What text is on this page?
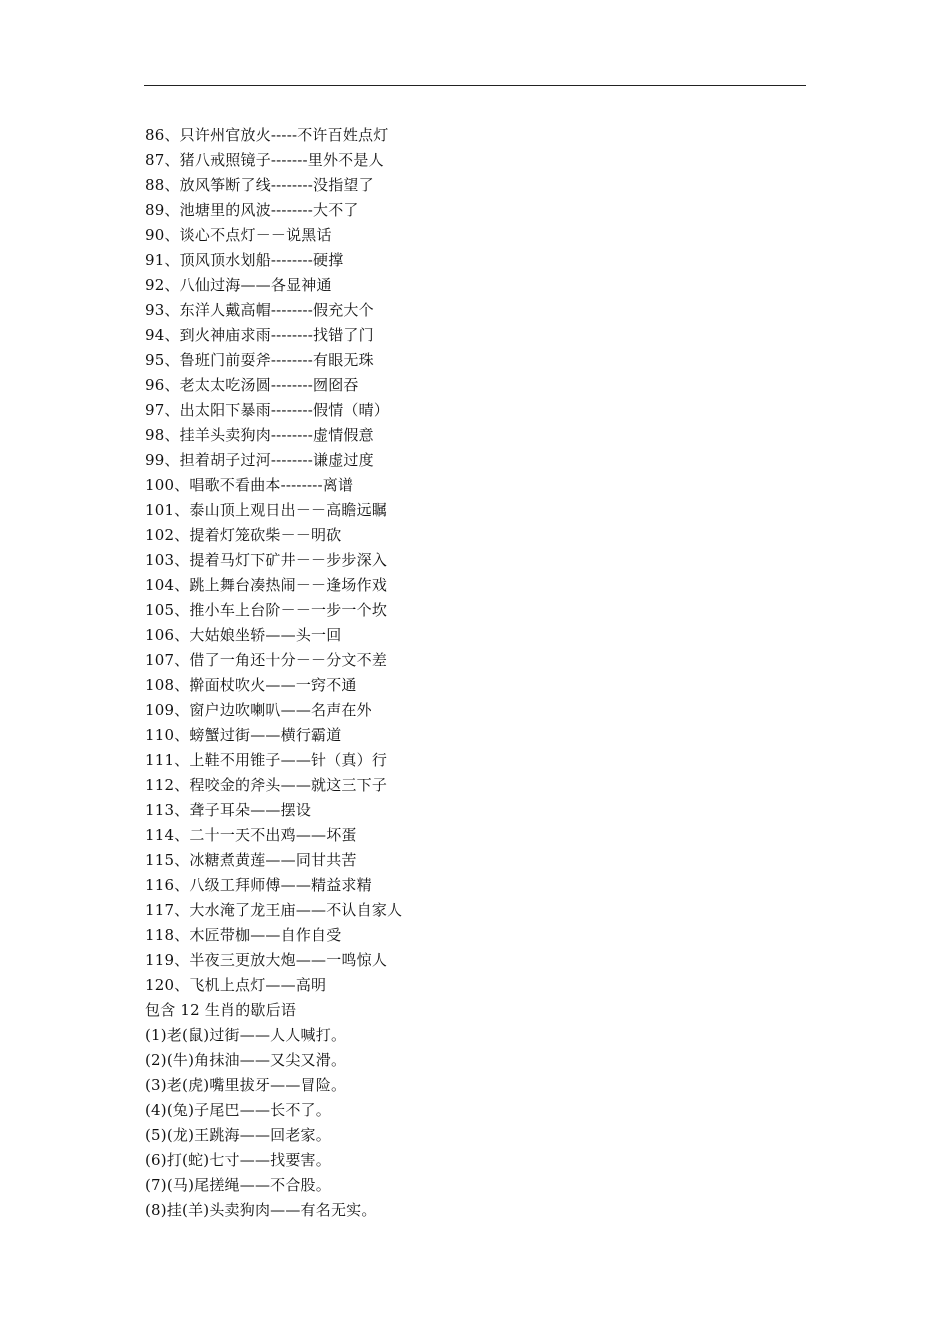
86、只许州官放火-----不许百姓点灯
87、猪八戒照镜子-------里外不是人
88、放风筝断了线--------没指望了
89、池塘里的风波--------大不了
90、谈心不点灯－－说黑话
91、顶风顶水划船--------硬撑
92、八仙过海——各显神通
93、东洋人戴高帽--------假充大个
94、到火神庙求雨--------找错了门
95、鲁班门前耍斧--------有眼无珠
96、老太太吃汤圆--------囫囵吞
97、出太阳下暴雨--------假情（晴）
98、挂羊头卖狗肉--------虚情假意
99、担着胡子过河--------谦虚过度
100、唱歌不看曲本--------离谱
101、泰山顶上观日出－－高瞻远瞩
102、提着灯笼砍柴－－明砍
103、提着马灯下矿井－－步步深入
104、跳上舞台凑热闹－－逢场作戏
105、推小车上台阶－－一步一个坎
106、大姑娘坐轿——头一回
107、借了一角还十分－－分文不差
108、擀面杖吹火——一窍不通
109、窗户边吹喇叭——名声在外
110、螃蟹过街——横行霸道
111、上鞋不用锥子——针（真）行
112、程咬金的斧头——就这三下子
113、聋子耳朵——摆设
114、二十一天不出鸡——坏蛋
115、冰糖煮黄莲——同甘共苦
116、八级工拜师傅——精益求精
117、大水淹了龙王庙——不认自家人
118、木匠带枷——自作自受
119、半夜三更放大炮——一鸣惊人
120、飞机上点灯——高明
包含 12 生肖的歇后语
(1)老(鼠)过街——人人喊打。
(2)(牛)角抹油——又尖又滑。
(3)老(虎)嘴里拔牙——冒险。
(4)(兔)子尾巴——长不了。
(5)(龙)王跳海——回老家。
(6)打(蛇)七寸——找要害。
(7)(马)尾搓绳——不合股。
(8)挂(羊)头卖狗肉——有名无实。
